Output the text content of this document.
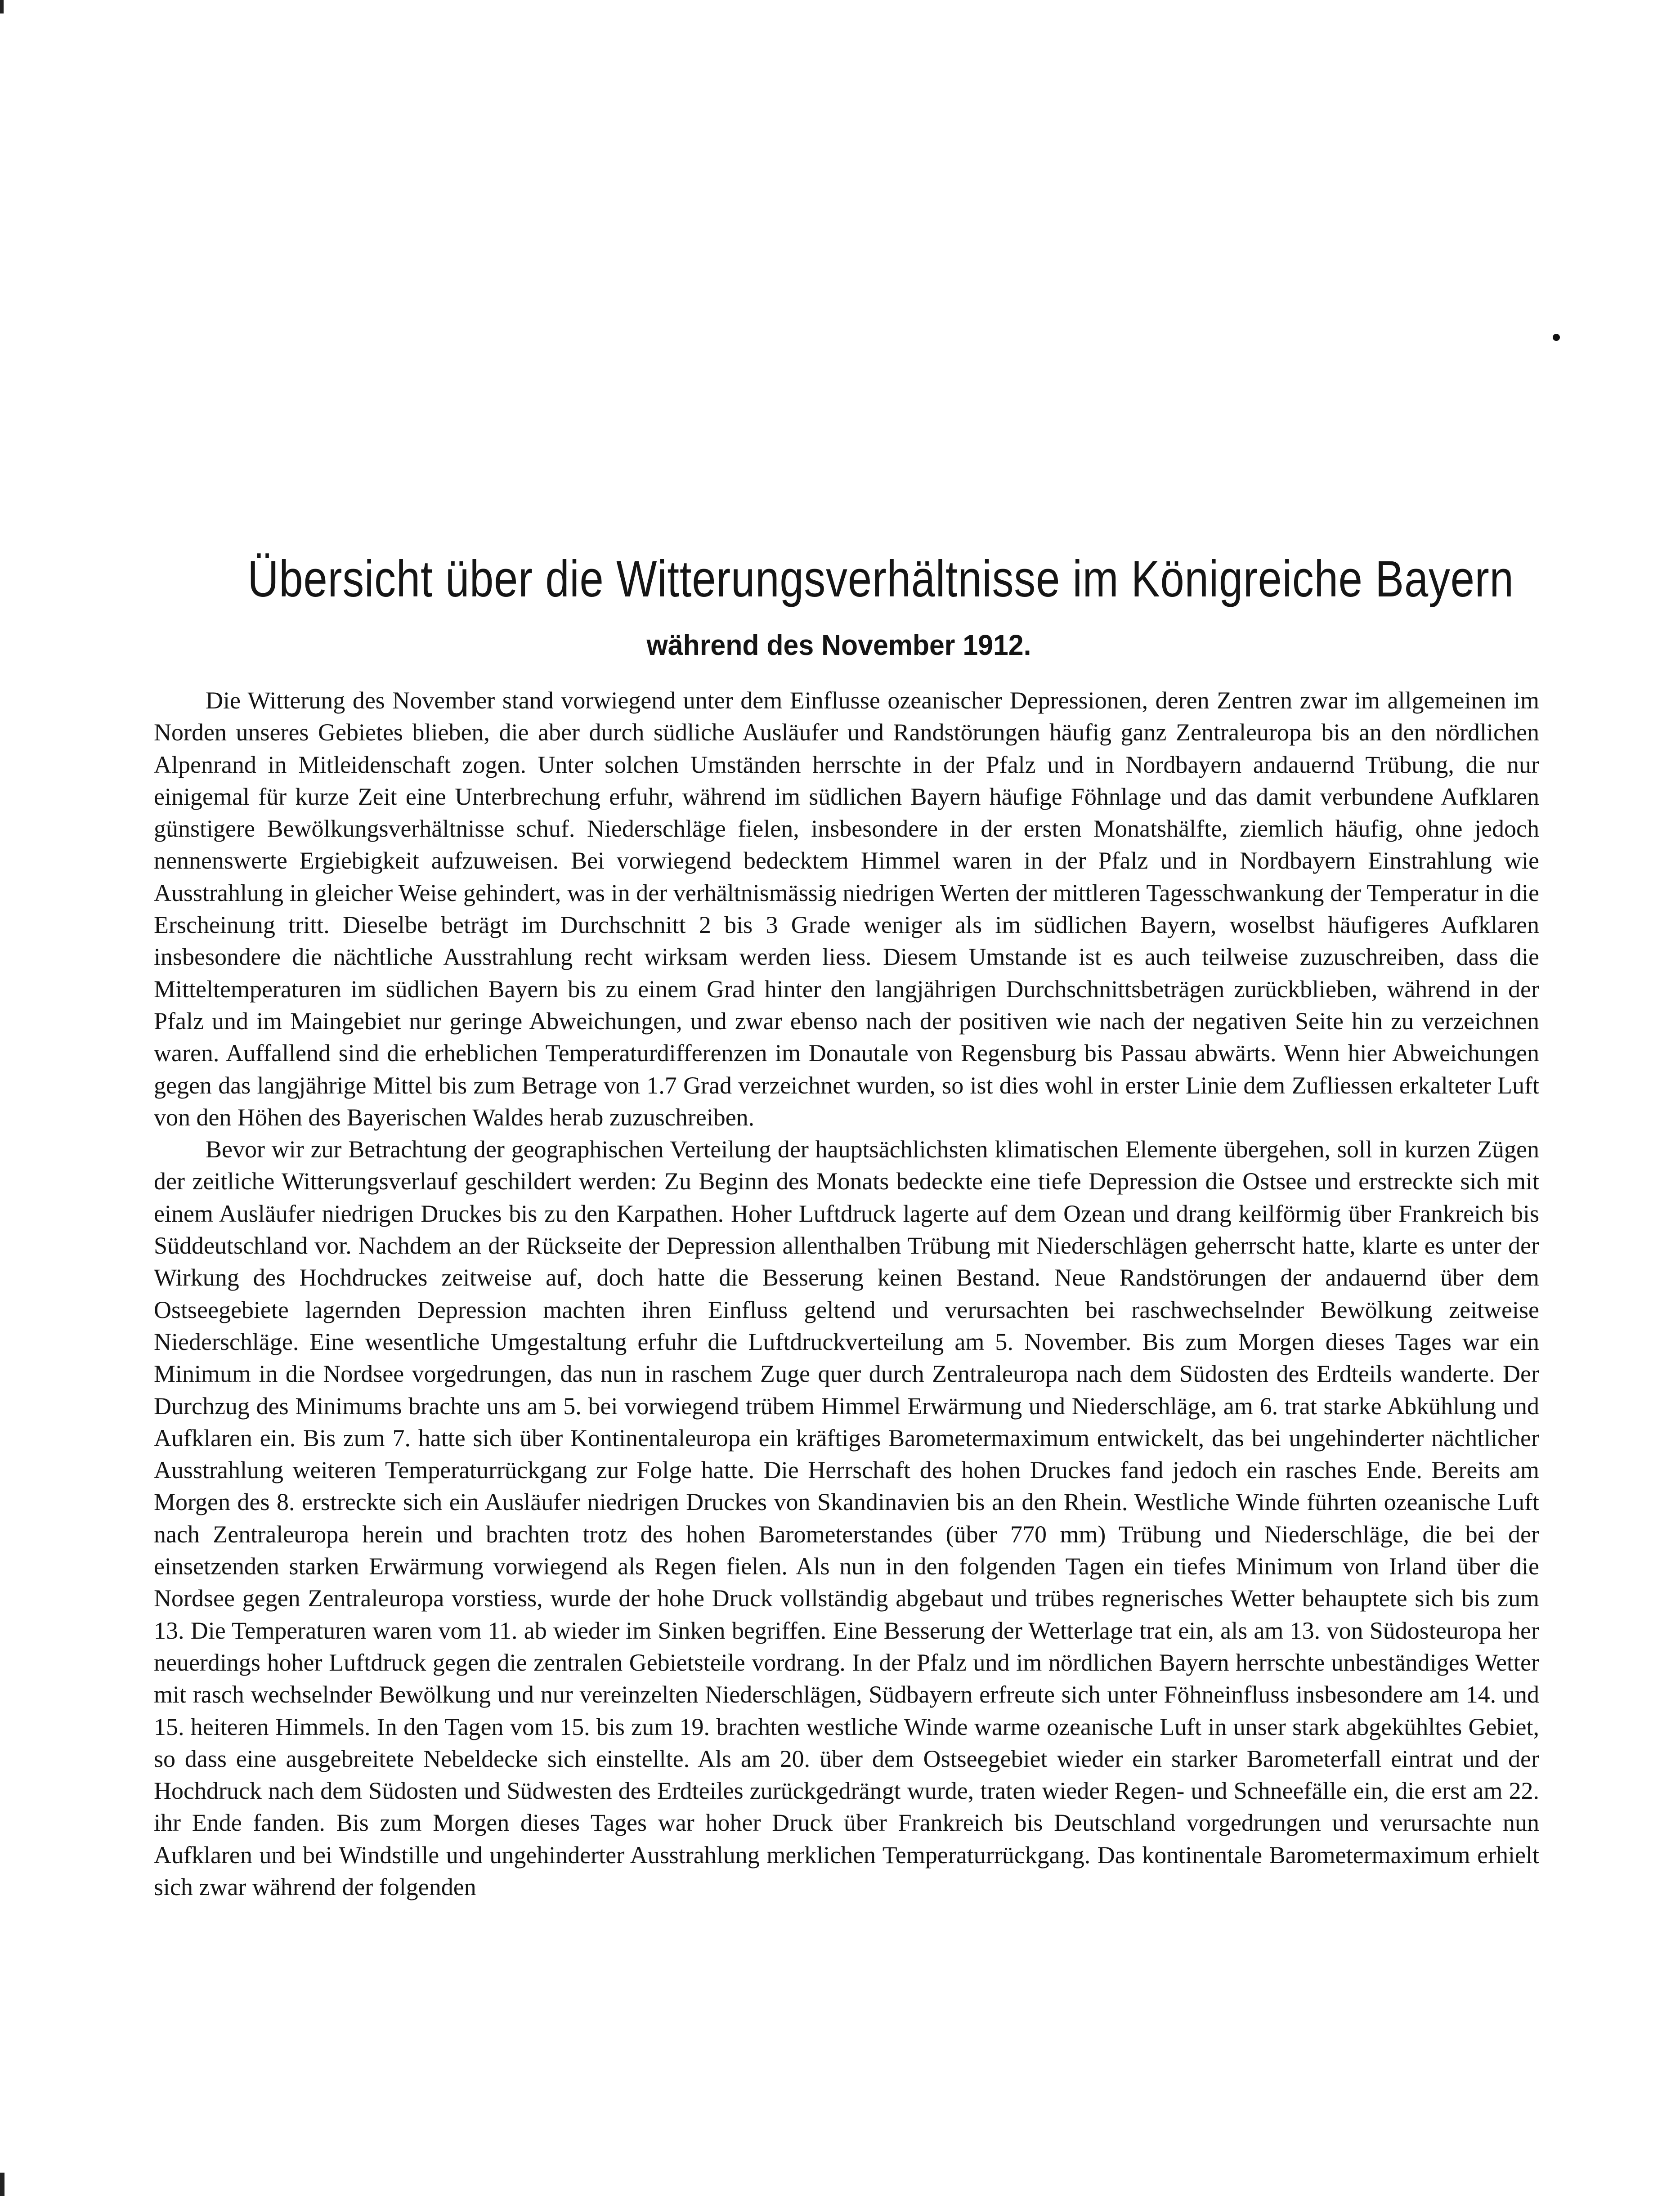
Übersicht über die Witterungsverhältnisse im Königreiche Bayern
während des November 1912.

Die Witterung des November stand vorwiegend unter dem Einflusse ozeanischer Depressionen, deren Zentren zwar im allgemeinen im Norden unseres Gebietes blieben, die aber durch südliche Ausläufer und Randstörungen häufig ganz Zentraleuropa bis an den nördlichen Alpenrand in Mitleidenschaft zogen. Unter solchen Umständen herrschte in der Pfalz und in Nordbayern andauernd Trübung, die nur einigemal für kurze Zeit eine Unterbrechung erfuhr, während im südlichen Bayern häufige Föhnlage und das damit verbundene Aufklaren günstigere Bewölkungsverhältnisse schuf. Niederschläge fielen, insbesondere in der ersten Monatshälfte, ziemlich häufig, ohne jedoch nennenswerte Ergiebigkeit aufzuweisen. Bei vorwiegend bedecktem Himmel waren in der Pfalz und in Nordbayern Einstrahlung wie Ausstrahlung in gleicher Weise gehindert, was in der verhältnismässig niedrigen Werten der mittleren Tagesschwankung der Temperatur in die Erscheinung tritt. Dieselbe beträgt im Durchschnitt 2 bis 3 Grade weniger als im südlichen Bayern, woselbst häufigeres Aufklaren insbesondere die nächtliche Ausstrahlung recht wirksam werden liess. Diesem Umstande ist es auch teilweise zuzuschreiben, dass die Mitteltemperaturen im südlichen Bayern bis zu einem Grad hinter den langjährigen Durchschnittsbeträgen zurückblieben, während in der Pfalz und im Maingebiet nur geringe Abweichungen, und zwar ebenso nach der positiven wie nach der negativen Seite hin zu verzeichnen waren. Auffallend sind die erheblichen Temperaturdifferenzen im Donautale von Regensburg bis Passau abwärts. Wenn hier Abweichungen gegen das langjährige Mittel bis zum Betrage von 1.7 Grad verzeichnet wurden, so ist dies wohl in erster Linie dem Zufliessen erkalteter Luft von den Höhen des Bayerischen Waldes herab zuzuschreiben.

Bevor wir zur Betrachtung der geographischen Verteilung der hauptsächlichsten klimatischen Elemente übergehen, soll in kurzen Zügen der zeitliche Witterungsverlauf geschildert werden: Zu Beginn des Monats bedeckte eine tiefe Depression die Ostsee und erstreckte sich mit einem Ausläufer niedrigen Druckes bis zu den Karpathen. Hoher Luftdruck lagerte auf dem Ozean und drang keilförmig über Frankreich bis Süddeutschland vor. Nachdem an der Rückseite der Depression allenthalben Trübung mit Niederschlägen geherrscht hatte, klarte es unter der Wirkung des Hochdruckes zeitweise auf, doch hatte die Besserung keinen Bestand. Neue Randstörungen der andauernd über dem Ostseegebiete lagernden Depression machten ihren Einfluss geltend und verursachten bei raschwechselnder Bewölkung zeitweise Niederschläge. Eine wesentliche Umgestaltung erfuhr die Luftdruckverteilung am 5. November. Bis zum Morgen dieses Tages war ein Minimum in die Nordsee vorgedrungen, das nun in raschem Zuge quer durch Zentraleuropa nach dem Südosten des Erdteils wanderte. Der Durchzug des Minimums brachte uns am 5. bei vorwiegend trübem Himmel Erwärmung und Niederschläge, am 6. trat starke Abkühlung und Aufklaren ein. Bis zum 7. hatte sich über Kontinentaleuropa ein kräftiges Barometermaximum entwickelt, das bei ungehinderter nächtlicher Ausstrahlung weiteren Temperaturrückgang zur Folge hatte. Die Herrschaft des hohen Druckes fand jedoch ein rasches Ende. Bereits am Morgen des 8. erstreckte sich ein Ausläufer niedrigen Druckes von Skandinavien bis an den Rhein. Westliche Winde führten ozeanische Luft nach Zentraleuropa herein und brachten trotz des hohen Barometerstandes (über 770 mm) Trübung und Niederschläge, die bei der einsetzenden starken Erwärmung vorwiegend als Regen fielen. Als nun in den folgenden Tagen ein tiefes Minimum von Irland über die Nordsee gegen Zentraleuropa vorstiess, wurde der hohe Druck vollständig abgebaut und trübes regnerisches Wetter behauptete sich bis zum 13. Die Temperaturen waren vom 11. ab wieder im Sinken begriffen. Eine Besserung der Wetterlage trat ein, als am 13. von Südosteuropa her neuerdings hoher Luftdruck gegen die zentralen Gebietsteile vordrang. In der Pfalz und im nördlichen Bayern herrschte unbeständiges Wetter mit rasch wechselnder Bewölkung und nur vereinzelten Niederschlägen, Südbayern erfreute sich unter Föhneinfluss insbesondere am 14. und 15. heiteren Himmels. In den Tagen vom 15. bis zum 19. brachten westliche Winde warme ozeanische Luft in unser stark abgekühltes Gebiet, so dass eine ausgebreitete Nebeldecke sich einstellte. Als am 20. über dem Ostseegebiet wieder ein starker Barometerfall eintrat und der Hochdruck nach dem Südosten und Südwesten des Erdteiles zurückgedrängt wurde, traten wieder Regen- und Schneefälle ein, die erst am 22. ihr Ende fanden. Bis zum Morgen dieses Tages war hoher Druck über Frankreich bis Deutschland vorgedrungen und verursachte nun Aufklaren und bei Windstille und ungehinderter Ausstrahlung merklichen Temperaturrückgang. Das kontinentale Barometermaximum erhielt sich zwar während der folgenden
